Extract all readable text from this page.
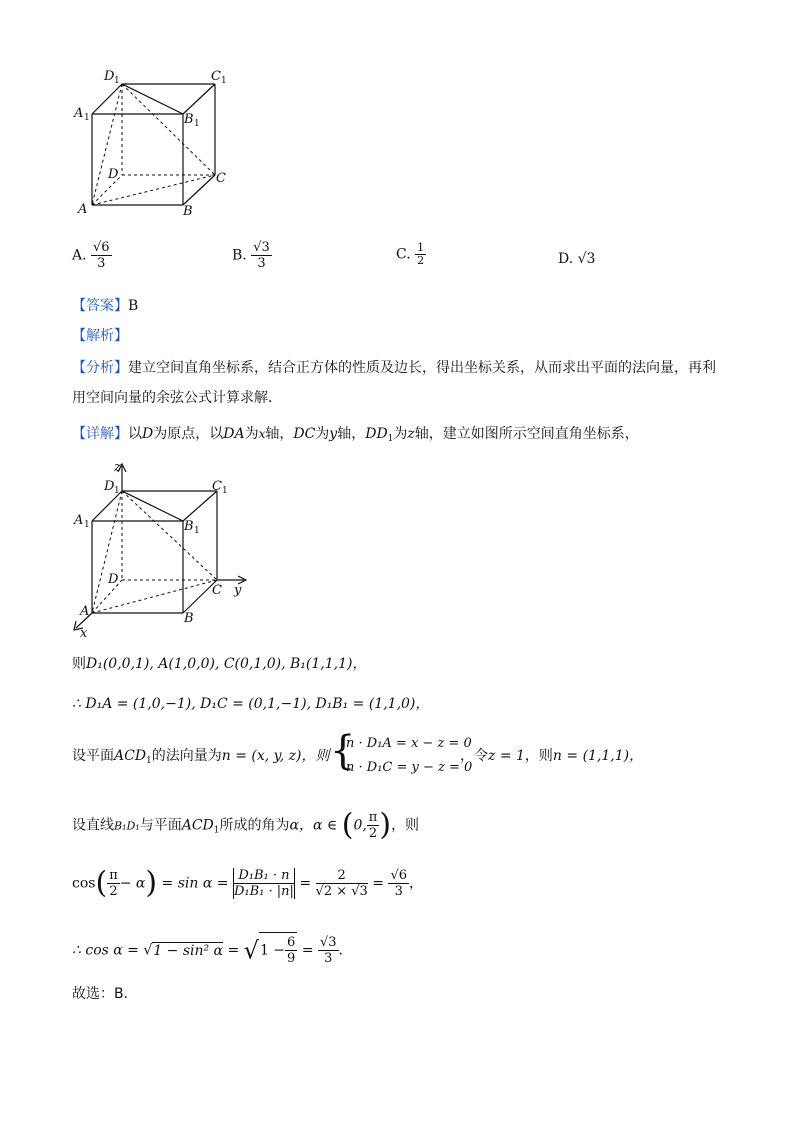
D 1	C 1
A 1	B 1
D	C
A	B
A. $\frac{√6}{3}$	B. $\frac{√3}{3}$	C. $\frac{1}{2}$	D. √3
【答案】B
【解析】
【分析】建立空间直角坐标系，结合正方体的性质及边长，得出坐标关系，从而求出平面的法向量，再利
用空间向量的余弦公式计算求解．
【详解】以D为原点，以DA为x轴，DC为y轴，$DD_1$为z轴，建立如图所示空间直角坐标系，
z
y
x
D 1	C 1
A 1	B 1
D
C
A	B
则D₁(0,0,1), A(1,0,0), C(0,1,0), B₁(1,1,1)，
∴ D₁A = (1,0,−1), D₁C = (0,1,−1), D₁B₁ = (1,1,0)，
设平面$ACD_1$的法向量为n = (x, y, z)，则 {
n · D₁A = x − z = 0
n · D₁C = y − z = 0
，令z = 1，则n = (1,1,1)，
设直线B₁D₁与平面$ACD_1$所成的角为α，α ∈ (0, $\frac{\pi}{2}$ )，则
$\cos( \frac{\pi}{2} - \alpha) = \sin \alpha = \frac{\text{D₁B₁ · n}}{\text{D₁B₁ · |n|}} = \frac{2}{√2 \times √3} = \frac{√6}{3}$ ，
∴ cos α = √1 − sin² $\alpha = √1 - \frac{6}{9} = \frac{√3}{3}$ ．
故选：B．
